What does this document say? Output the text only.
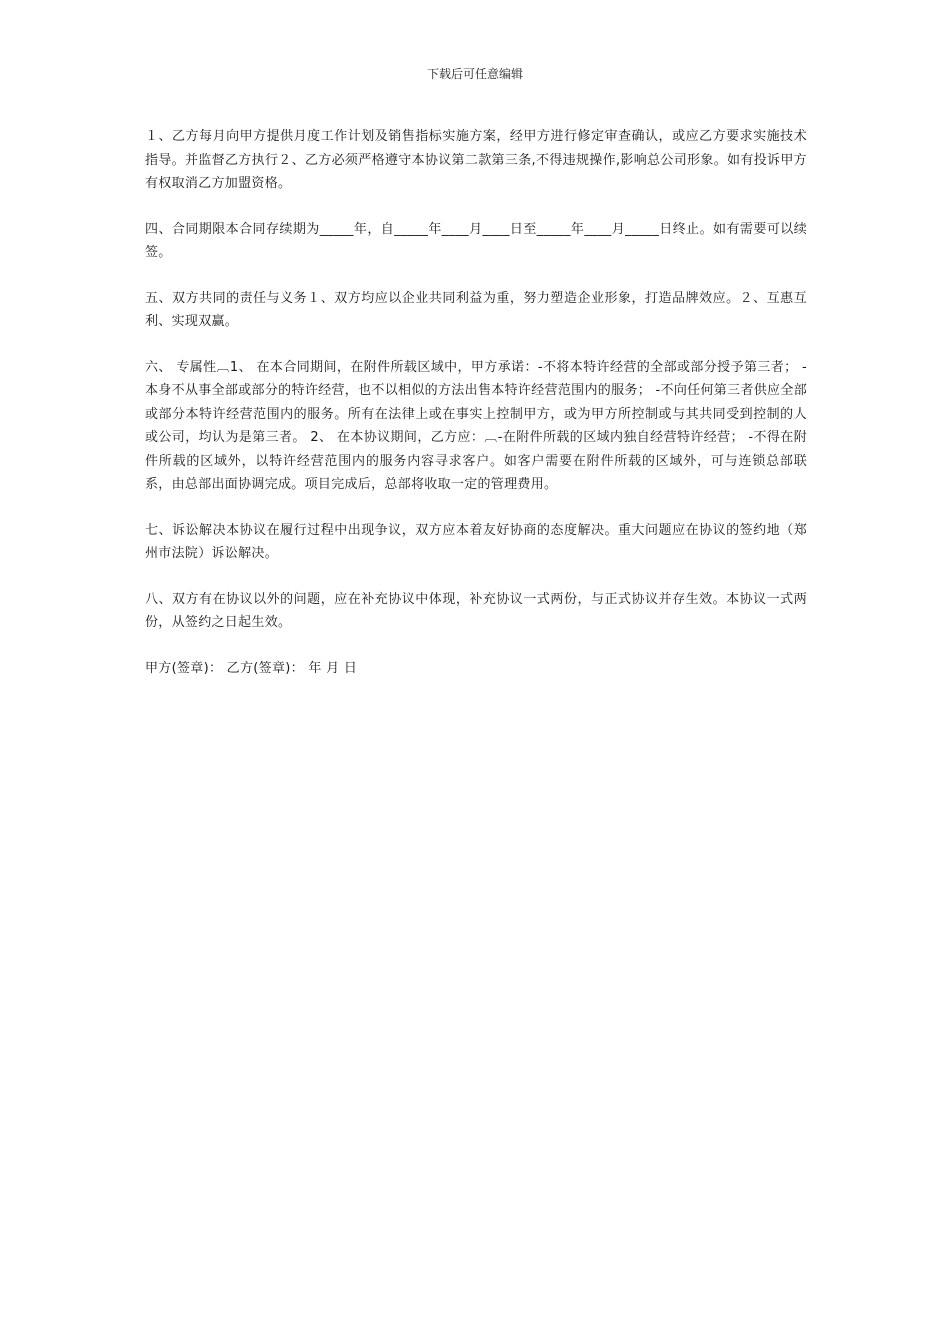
下载后可任意编辑

１、乙方每月向甲方提供月度工作计划及销售指标实施方案，经甲方进行修定审查确认，或应乙方要求实施技术指导。并监督乙方执行２、乙方必须严格遵守本协议第二款第三条,不得违规操作,影响总公司形象。如有投诉甲方有权取消乙方加盟资格。

四、合同期限本合同存续期为_____年，自_____年____月____日至_____年____月_____日终止。如有需要可以续签。

五、双方共同的责任与义务１、双方均应以企业共同利益为重，努力塑造企业形象，打造品牌效应。２、互惠互利、实现双赢。

六、 专属性︹1、 在本合同期间，在附件所载区域中，甲方承诺：-不将本特许经营的全部或部分授予第三者； -本身不从事全部或部分的特许经营，也不以相似的方法出售本特许经营范围内的服务； -不向任何第三者供应全部或部分本特许经营范围内的服务。所有在法律上或在事实上控制甲方，或为甲方所控制或与其共同受到控制的人或公司，均认为是第三者。 2、 在本协议期间，乙方应：︹-在附件所载的区域内独自经营特许经营； -不得在附件所载的区域外，以特许经营范围内的服务内容寻求客户。如客户需要在附件所载的区域外，可与连锁总部联系，由总部出面协调完成。项目完成后，总部将收取一定的管理费用。

七、诉讼解决本协议在履行过程中出现争议，双方应本着友好协商的态度解决。重大问题应在协议的签约地（郑州市法院）诉讼解决。

八、双方有在协议以外的问题，应在补充协议中体现，补充协议一式两份，与正式协议并存生效。本协议一式两份，从签约之日起生效。

甲方(签章)： 乙方(签章)： 年 月 日
